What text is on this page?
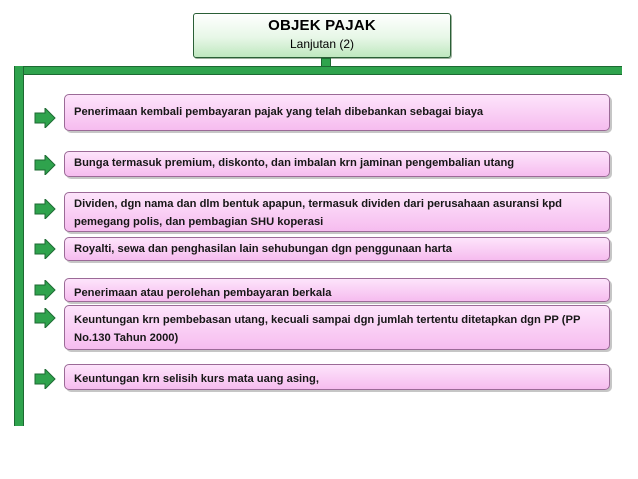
OBJEK PAJAK
Lanjutan (2)
Penerimaan kembali pembayaran pajak yang telah dibebankan sebagai biaya
Bunga termasuk premium, diskonto, dan imbalan krn jaminan pengembalian utang
Dividen, dgn nama dan dlm bentuk apapun, termasuk dividen dari perusahaan asuransi kpd pemegang polis, dan pembagian SHU koperasi
Royalti, sewa dan penghasilan lain sehubungan dgn penggunaan harta
Penerimaan atau perolehan pembayaran berkala
Keuntungan krn pembebasan utang, kecuali sampai dgn jumlah tertentu ditetapkan dgn PP (PP No.130 Tahun 2000)
Keuntungan krn selisih kurs mata uang asing,
